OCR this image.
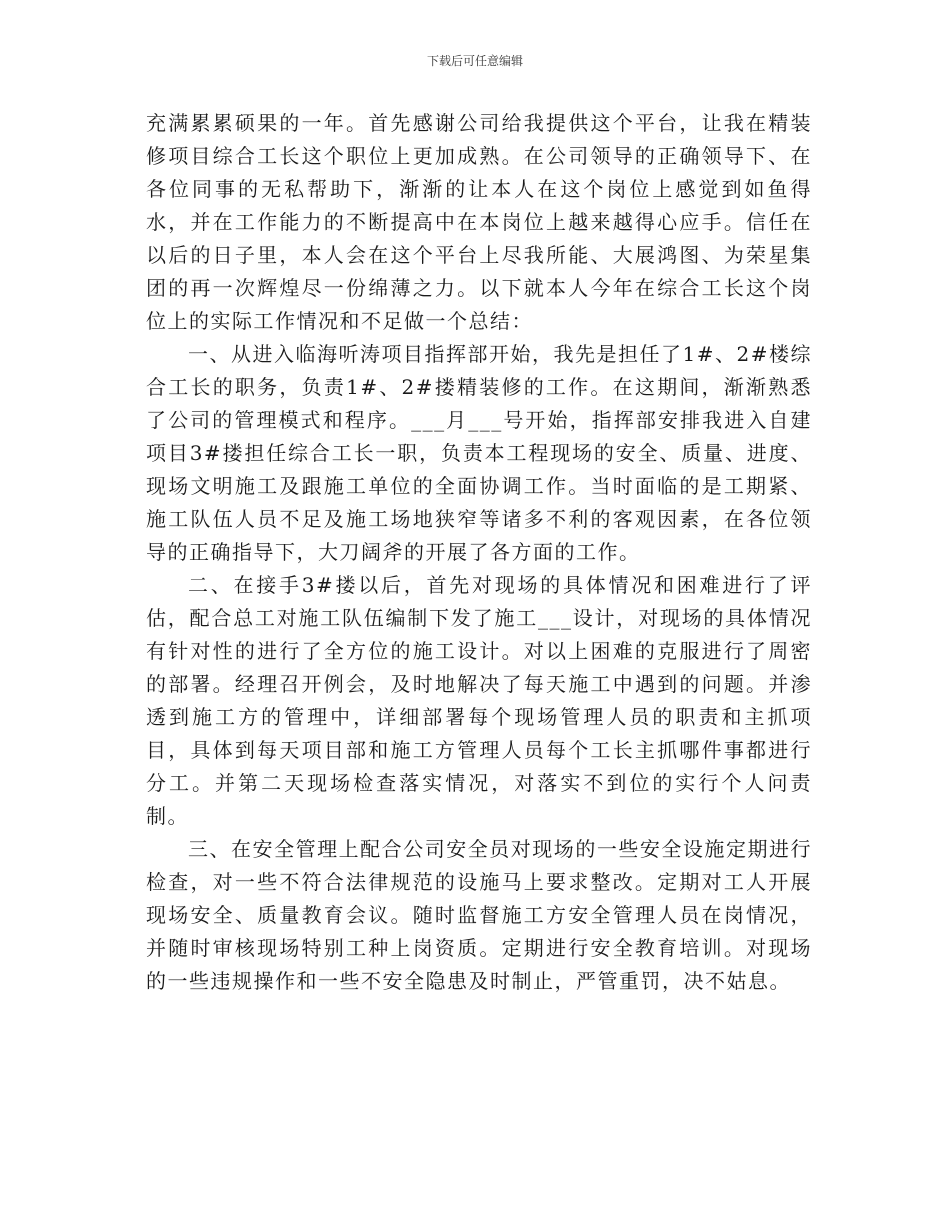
下载后可任意编辑

充满累累硕果的一年。首先感谢公司给我提供这个平台，让我在精装修项目综合工长这个职位上更加成熟。在公司领导的正确领导下、在各位同事的无私帮助下，渐渐的让本人在这个岗位上感觉到如鱼得水，并在工作能力的不断提高中在本岗位上越来越得心应手。信任在以后的日子里，本人会在这个平台上尽我所能、大展鸿图、为荣星集团的再一次辉煌尽一份绵薄之力。以下就本人今年在综合工长这个岗位上的实际工作情况和不足做一个总结：

一、从进入临海听涛项目指挥部开始，我先是担任了1#、2#楼综合工长的职务，负责1#、2#搂精装修的工作。在这期间，渐渐熟悉了公司的管理模式和程序。___月___号开始，指挥部安排我进入自建项目3#搂担任综合工长一职，负责本工程现场的安全、质量、进度、现场文明施工及跟施工单位的全面协调工作。当时面临的是工期紧、施工队伍人员不足及施工场地狭窄等诸多不利的客观因素，在各位领导的正确指导下，大刀阔斧的开展了各方面的工作。

二、在接手3#搂以后，首先对现场的具体情况和困难进行了评估，配合总工对施工队伍编制下发了施工___设计，对现场的具体情况有针对性的进行了全方位的施工设计。对以上困难的克服进行了周密的部署。经理召开例会，及时地解决了每天施工中遇到的问题。并渗透到施工方的管理中，详细部署每个现场管理人员的职责和主抓项目，具体到每天项目部和施工方管理人员每个工长主抓哪件事都进行分工。并第二天现场检查落实情况，对落实不到位的实行个人问责制。

三、在安全管理上配合公司安全员对现场的一些安全设施定期进行检查，对一些不符合法律规范的设施马上要求整改。定期对工人开展现场安全、质量教育会议。随时监督施工方安全管理人员在岗情况，并随时审核现场特别工种上岗资质。定期进行安全教育培训。对现场的一些违规操作和一些不安全隐患及时制止，严管重罚，决不姑息。
